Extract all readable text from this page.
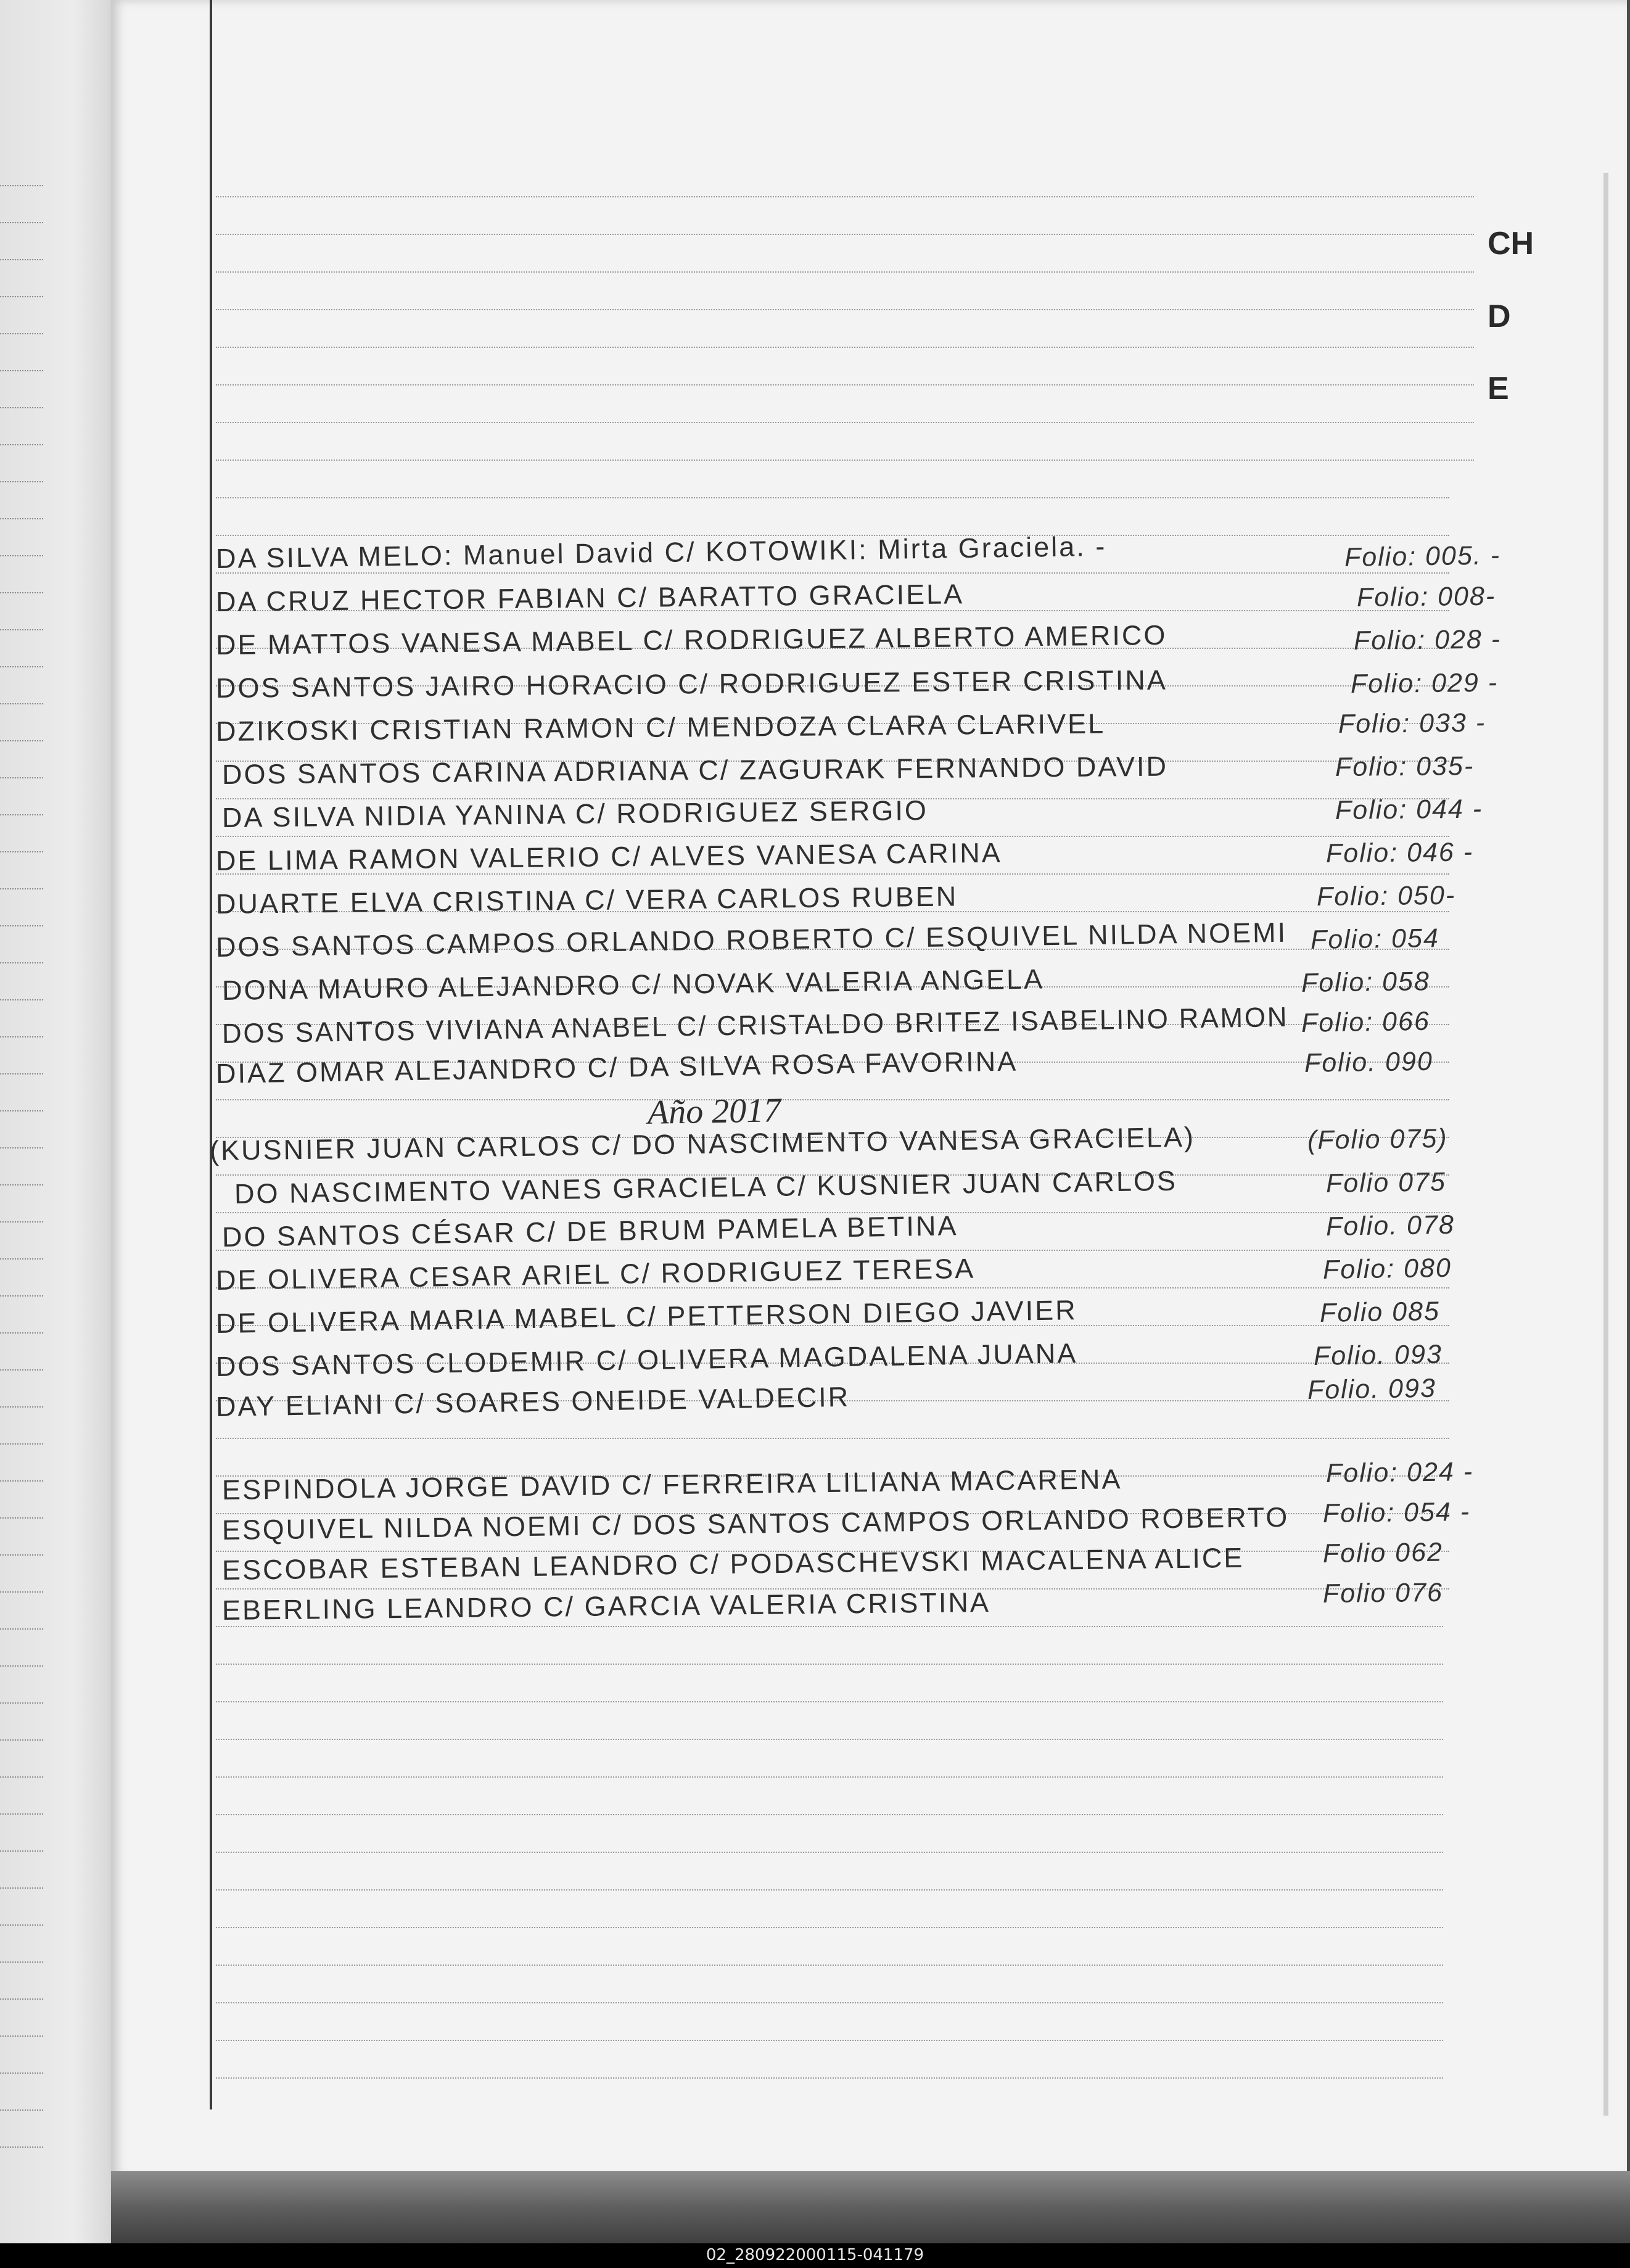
CH
D
E
DA SILVA MELO: Manuel David C/ KOTOWIKI: Mirta Graciela. -	Folio: 005. -
DA CRUZ HECTOR FABIAN C/ BARATTO GRACIELA	Folio: 008-
DE MATTOS VANESA MABEL C/ RODRIGUEZ ALBERTO AMERICO	Folio: 028 -
DOS SANTOS JAIRO HORACIO C/ RODRIGUEZ ESTER CRISTINA	Folio: 029 -
DZIKOSKI CRISTIAN RAMON C/ MENDOZA CLARA CLARIVEL	Folio: 033 -
DOS SANTOS CARINA ADRIANA C/ ZAGURAK FERNANDO DAVID	Folio: 035-
DA SILVA NIDIA YANINA C/ RODRIGUEZ SERGIO	Folio: 044 -
DE LIMA RAMON VALERIO C/ ALVES VANESA CARINA	Folio: 046 -
DUARTE ELVA CRISTINA C/ VERA CARLOS RUBEN	Folio: 050-
DOS SANTOS CAMPOS ORLANDO ROBERTO C/ ESQUIVEL NILDA NOEMI Folio: 054
DONA MAURO ALEJANDRO C/ NOVAK VALERIA ANGELA	Folio: 058
DOS SANTOS VIVIANA ANABEL C/ CRISTALDO BRITEZ ISABELINO RAMON Folio: 066
DIAZ OMAR ALEJANDRO C/ DA SILVA ROSA FAVORINA	Folio. 090
Año 2017
(KUSNIER JUAN CARLOS C/ DO NASCIMENTO VANESA GRACIELA)	(Folio 075)
DO NASCIMENTO VANES GRACIELA C/ KUSNIER JUAN CARLOS	Folio 075
DO SANTOS CÉSAR C/ DE BRUM PAMELA BETINA	Folio. 078
DE OLIVERA CESAR ARIEL C/ RODRIGUEZ TERESA	Folio: 080
DE OLIVERA MARIA MABEL C/ PETTERSON DIEGO JAVIER	Folio 085
DOS SANTOS CLODEMIR C/ OLIVERA MAGDALENA JUANA	Folio. 093
DAY ELIANI C/ SOARES ONEIDE VALDECIR	Folio. 093
ESPINDOLA JORGE DAVID C/ FERREIRA LILIANA MACARENA	Folio: 024 -
ESQUIVEL NILDA NOEMI C/ DOS SANTOS CAMPOS ORLANDO ROBERTO Folio: 054 -
ESCOBAR ESTEBAN LEANDRO C/ PODASCHEVSKI MACALENA ALICE	Folio 062
EBERLING LEANDRO C/ GARCIA VALERIA CRISTINA	Folio 076
02_280922000115-041179
